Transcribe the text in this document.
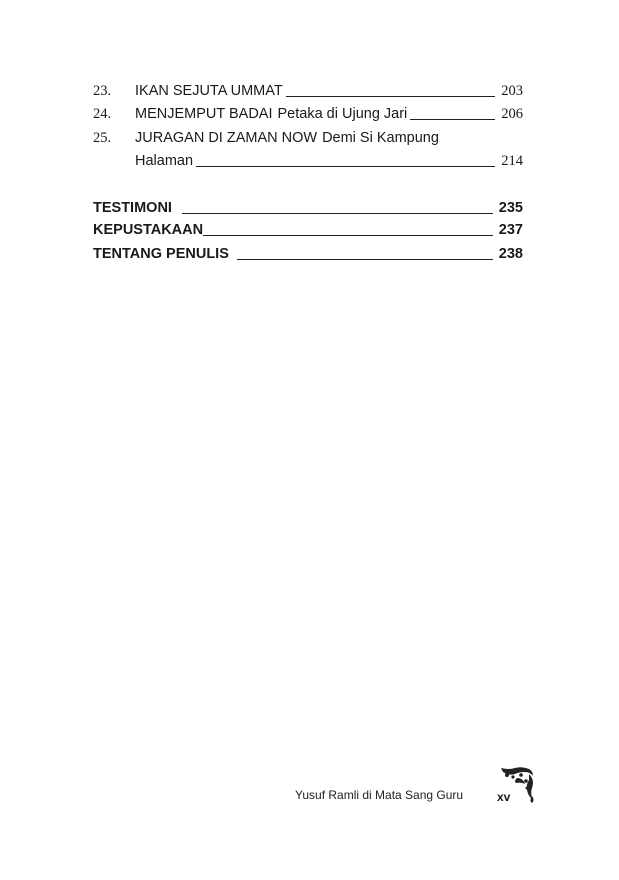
23. IKAN SEJUTA UMMAT	203
24. MENJEMPUT BADAI Petaka di Ujung Jari	206
25. JURAGAN DI ZAMAN NOW Demi Si Kampung
Halaman	214
TESTIMONI	235
KEPUSTAKAAN	237
TENTANG PENULIS	238
Yusuf Ramli di Mata Sang Guru	xv
